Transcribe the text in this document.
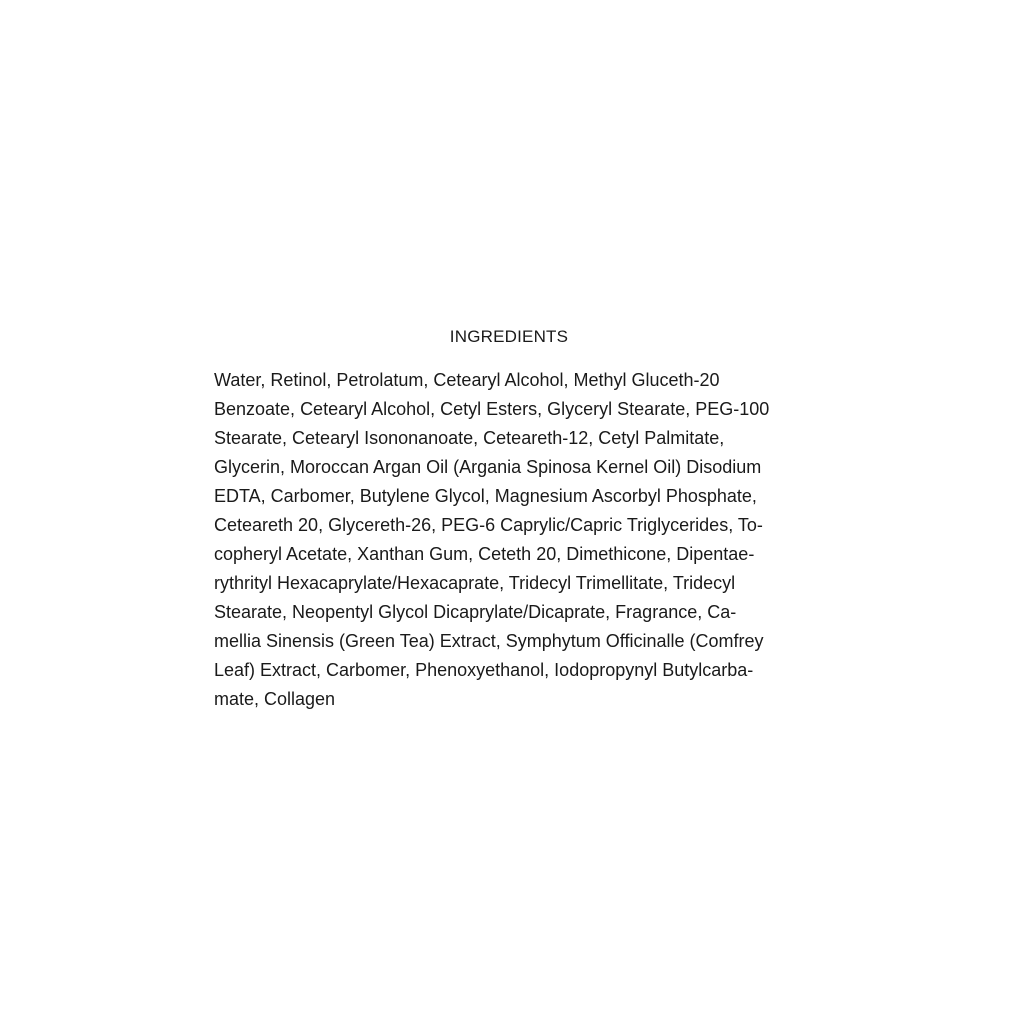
INGREDIENTS
Water, Retinol, Petrolatum, Cetearyl Alcohol, Methyl Gluceth-20
Benzoate, Cetearyl Alcohol, Cetyl Esters, Glyceryl Stearate, PEG-100
Stearate, Cetearyl Isononanoate, Ceteareth-12, Cetyl Palmitate,
Glycerin, Moroccan Argan Oil (Argania Spinosa Kernel Oil) Disodium
EDTA, Carbomer, Butylene Glycol, Magnesium Ascorbyl Phosphate,
Ceteareth 20, Glycereth-26, PEG-6 Caprylic/Capric Triglycerides, To-
copheryl Acetate, Xanthan Gum, Ceteth 20, Dimethicone, Dipentae-
rythrityl Hexacaprylate/Hexacaprate, Tridecyl Trimellitate, Tridecyl
Stearate, Neopentyl Glycol Dicaprylate/Dicaprate, Fragrance, Ca-
mellia Sinensis (Green Tea) Extract, Symphytum Officinalle (Comfrey
Leaf) Extract, Carbomer, Phenoxyethanol, Iodopropynyl Butylcarba-
mate, Collagen
